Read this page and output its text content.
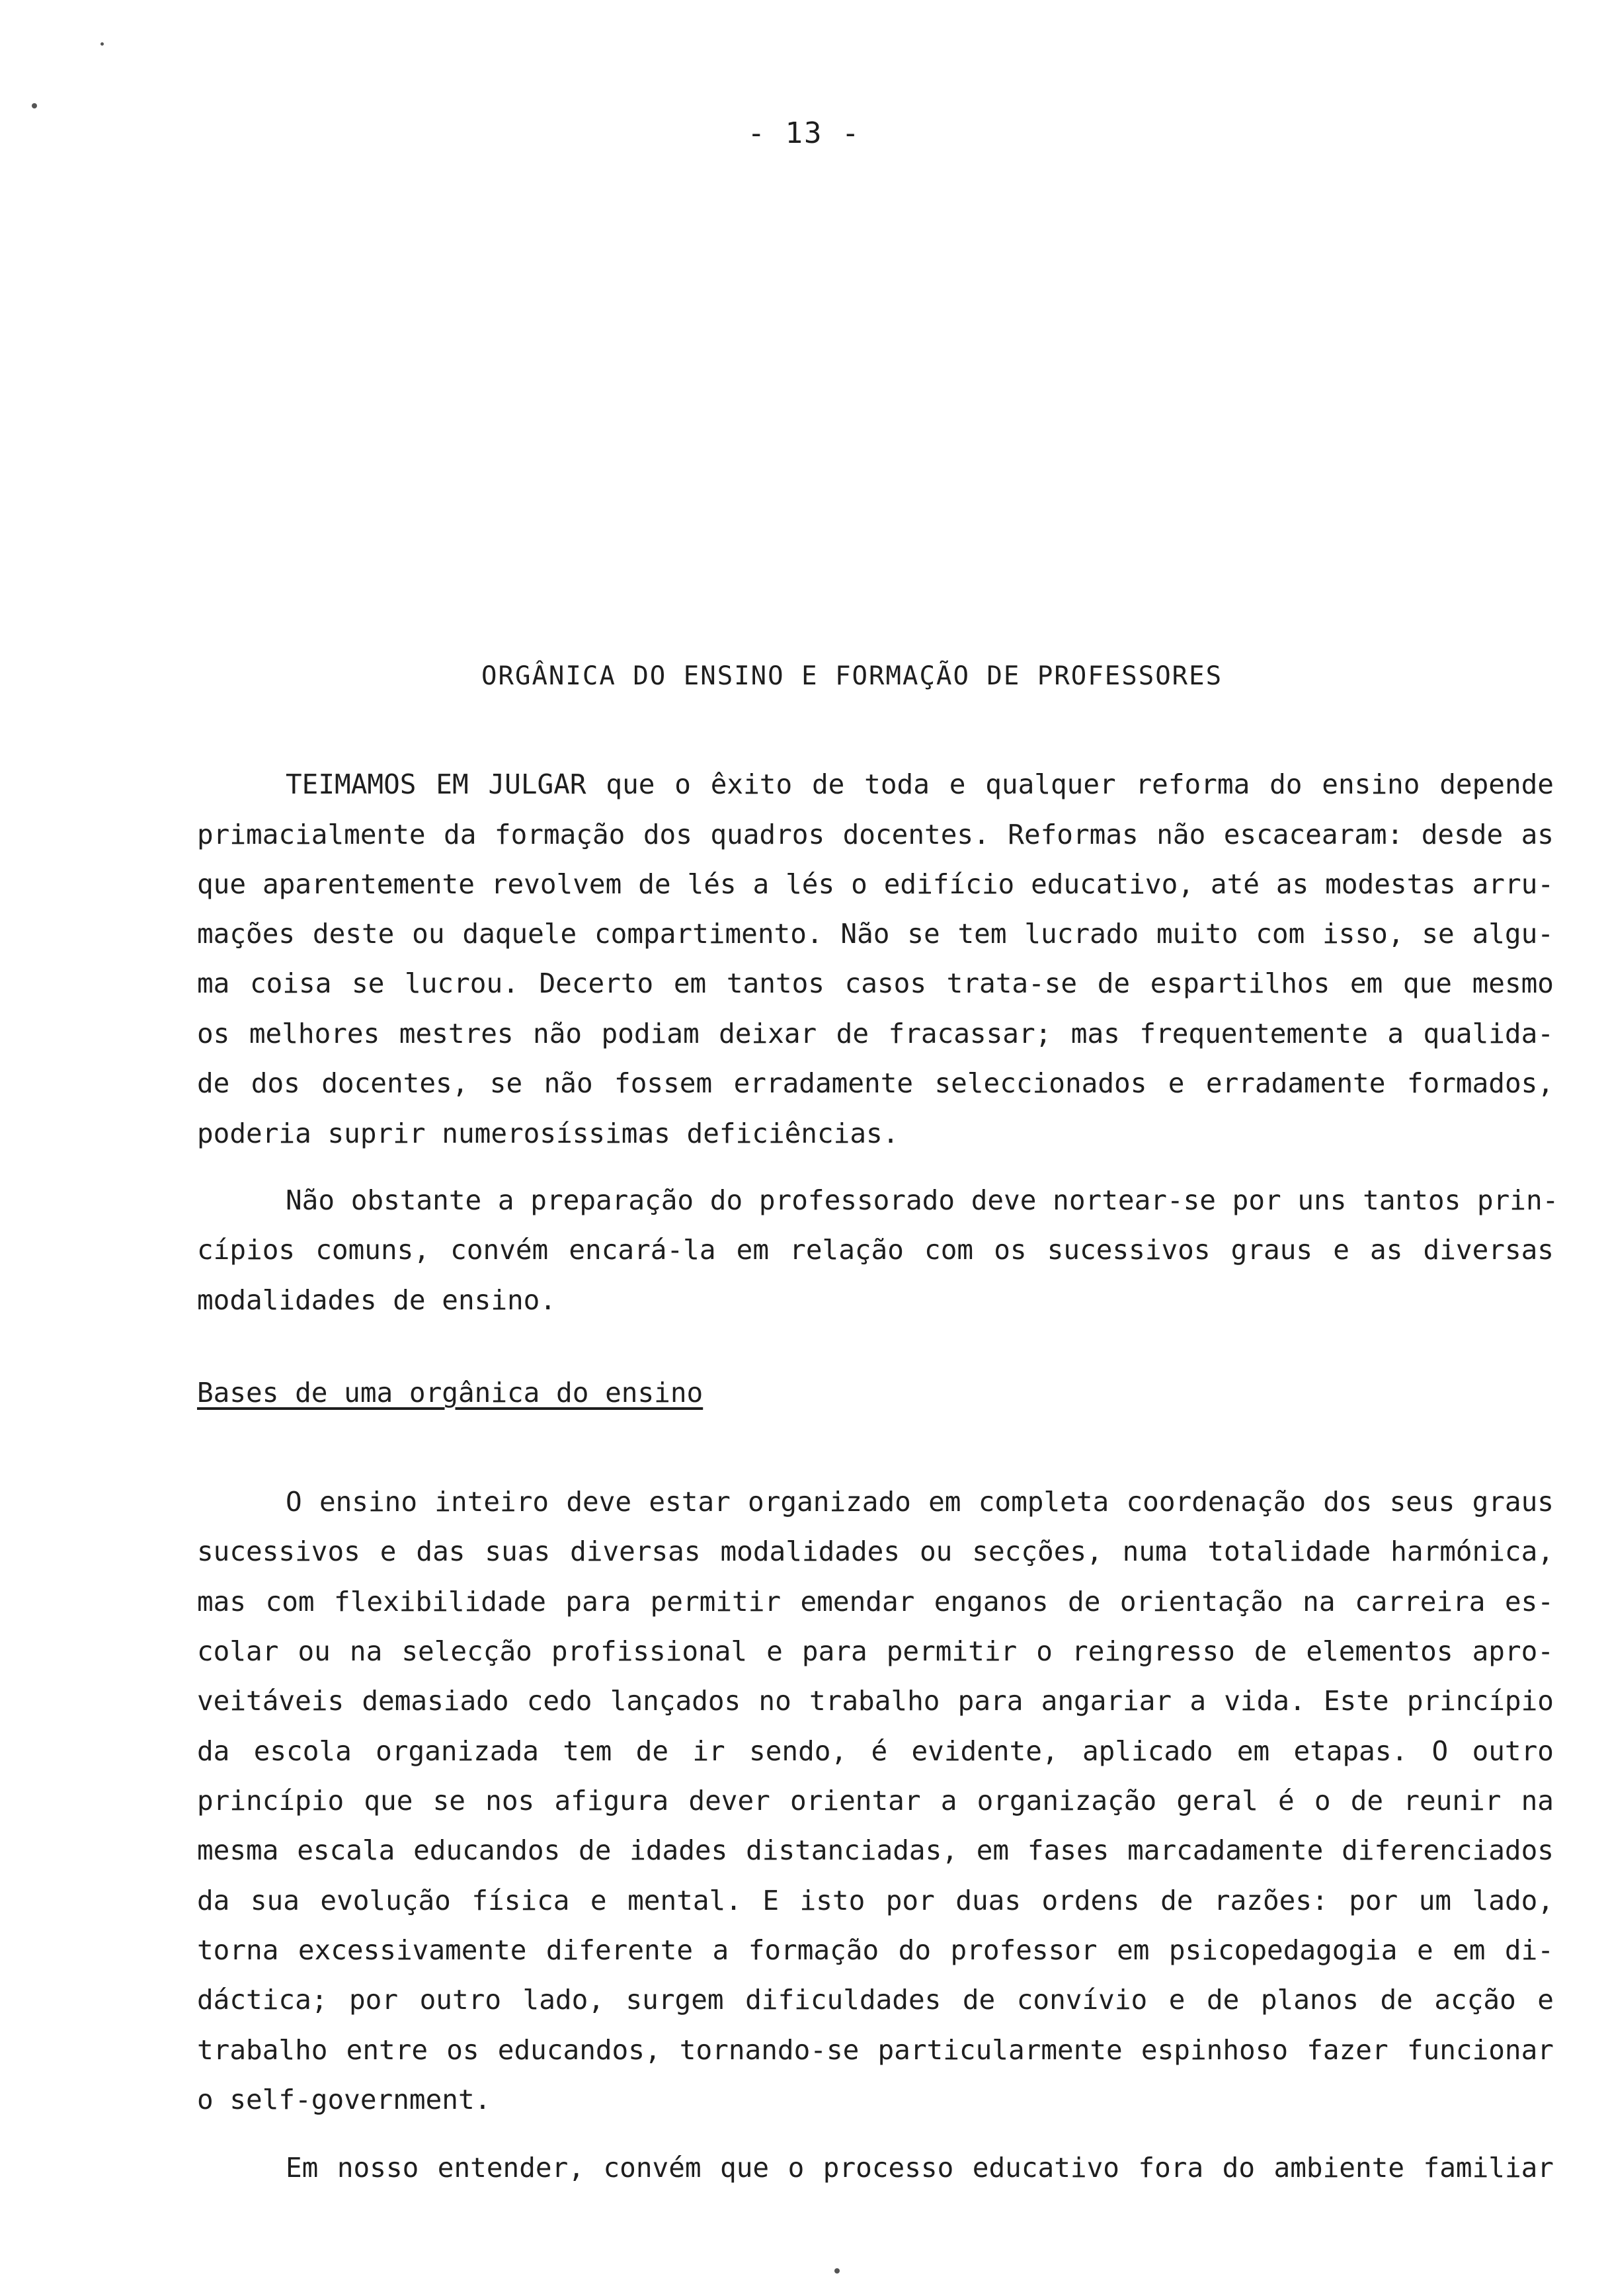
- 13 -
ORGÂNICA DO ENSINO E FORMAÇÃO DE PROFESSORES
TEIMAMOS EM JULGAR que o êxito de toda e qualquer reforma do ensino depende
primacialmente da formação dos quadros docentes. Reformas não escacearam: desde as
que aparentemente revolvem de lés a lés o edifício educativo, até as modestas arru-
mações deste ou daquele compartimento. Não se tem lucrado muito com isso, se algu-
ma coisa se lucrou. Decerto em tantos casos trata-se de espartilhos em que mesmo
os melhores mestres não podiam deixar de fracassar; mas frequentemente a qualida-
de dos docentes, se não fossem erradamente seleccionados e erradamente formados,
poderia suprir numerosíssimas deficiências.
Não obstante a preparação do professorado deve nortear-se por uns tantos prin-
cípios comuns, convém encará-la em relação com os sucessivos graus e as diversas
modalidades de ensino.
Bases de uma orgânica do ensino
O ensino inteiro deve estar organizado em completa coordenação dos seus graus
sucessivos e das suas diversas modalidades ou secções, numa totalidade harmónica,
mas com flexibilidade para permitir emendar enganos de orientação na carreira es-
colar ou na selecção profissional e para permitir o reingresso de elementos apro-
veitáveis demasiado cedo lançados no trabalho para angariar a vida. Este princípio
da escola organizada tem de ir sendo, é evidente, aplicado em etapas. O outro
princípio que se nos afigura dever orientar a organização geral é o de reunir na
mesma escala educandos de idades distanciadas, em fases marcadamente diferenciados
da sua evolução física e mental. E isto por duas ordens de razões: por um lado,
torna excessivamente diferente a formação do professor em psicopedagogia e em di-
dáctica; por outro lado, surgem dificuldades de convívio e de planos de acção e
trabalho entre os educandos, tornando-se particularmente espinhoso fazer funcionar
o self-government.
Em nosso entender, convém que o processo educativo fora do ambiente familiar
